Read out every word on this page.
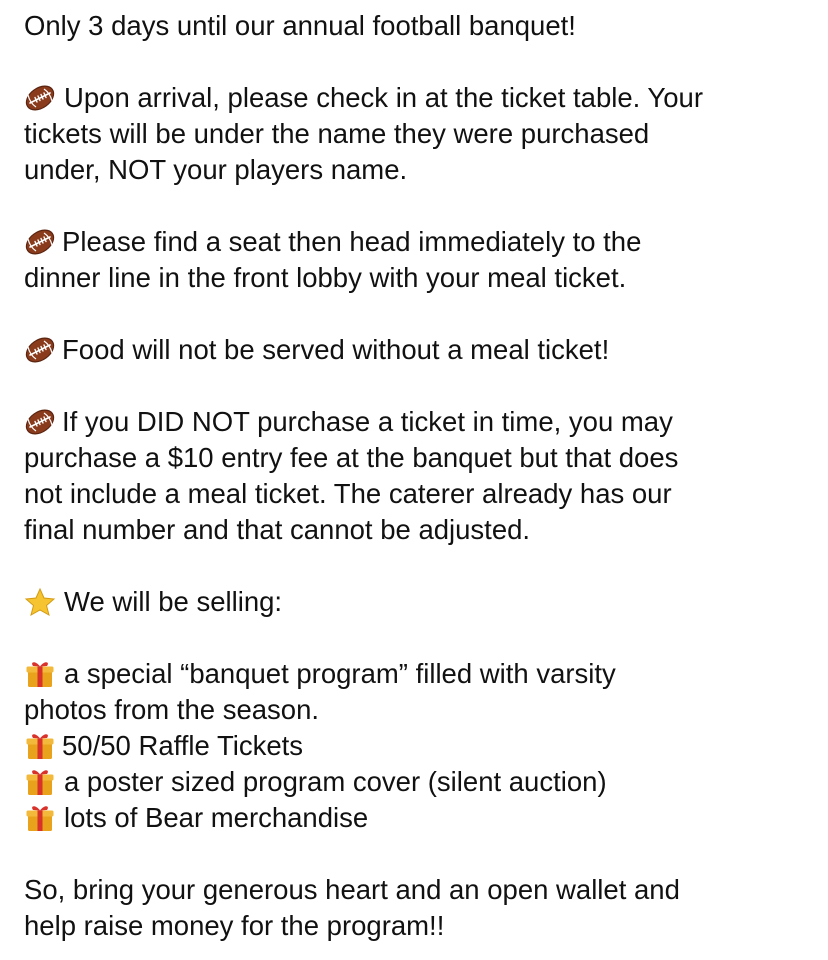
Only 3 days until our annual football banquet!
Upon arrival, please check in at the ticket table. Your
tickets will be under the name they were purchased
under, NOT your players name.
Please find a seat then head immediately to the
dinner line in the front lobby with your meal ticket.
Food will not be served without a meal ticket!
If you DID NOT purchase a ticket in time, you may
purchase a $10 entry fee at the banquet but that does
not include a meal ticket. The caterer already has our
final number and that cannot be adjusted.
We will be selling:
a special “banquet program” filled with varsity
photos from the season.
50/50 Raffle Tickets
a poster sized program cover (silent auction)
lots of Bear merchandise
So, bring your generous heart and an open wallet and
help raise money for the program!!
